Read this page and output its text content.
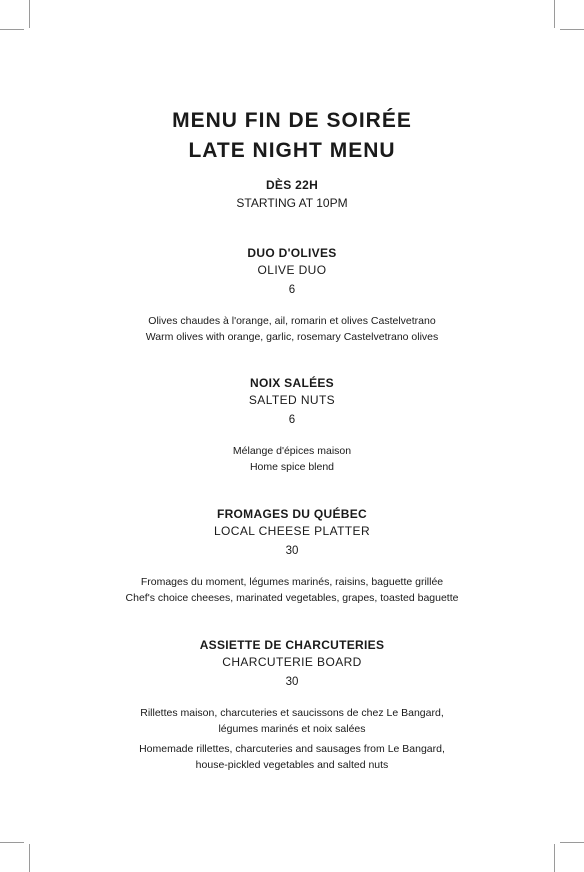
MENU FIN DE SOIRÉE
LATE NIGHT MENU
DÈS 22H
STARTING AT 10PM
DUO D'OLIVES
OLIVE DUO
6
Olives chaudes à l'orange, ail, romarin et olives Castelvetrano
Warm olives with orange, garlic, rosemary Castelvetrano olives
NOIX SALÉES
SALTED NUTS
6
Mélange d'épices maison
Home spice blend
FROMAGES DU QUÉBEC
LOCAL CHEESE PLATTER
30
Fromages du moment, légumes marinés, raisins, baguette grillée
Chef's choice cheeses, marinated vegetables, grapes, toasted baguette
ASSIETTE DE CHARCUTERIES
CHARCUTERIE BOARD
30
Rillettes maison, charcuteries et saucissons de chez Le Bangard,
légumes marinés et noix salées
Homemade rillettes, charcuteries and sausages from Le Bangard,
house-pickled vegetables and salted nuts
